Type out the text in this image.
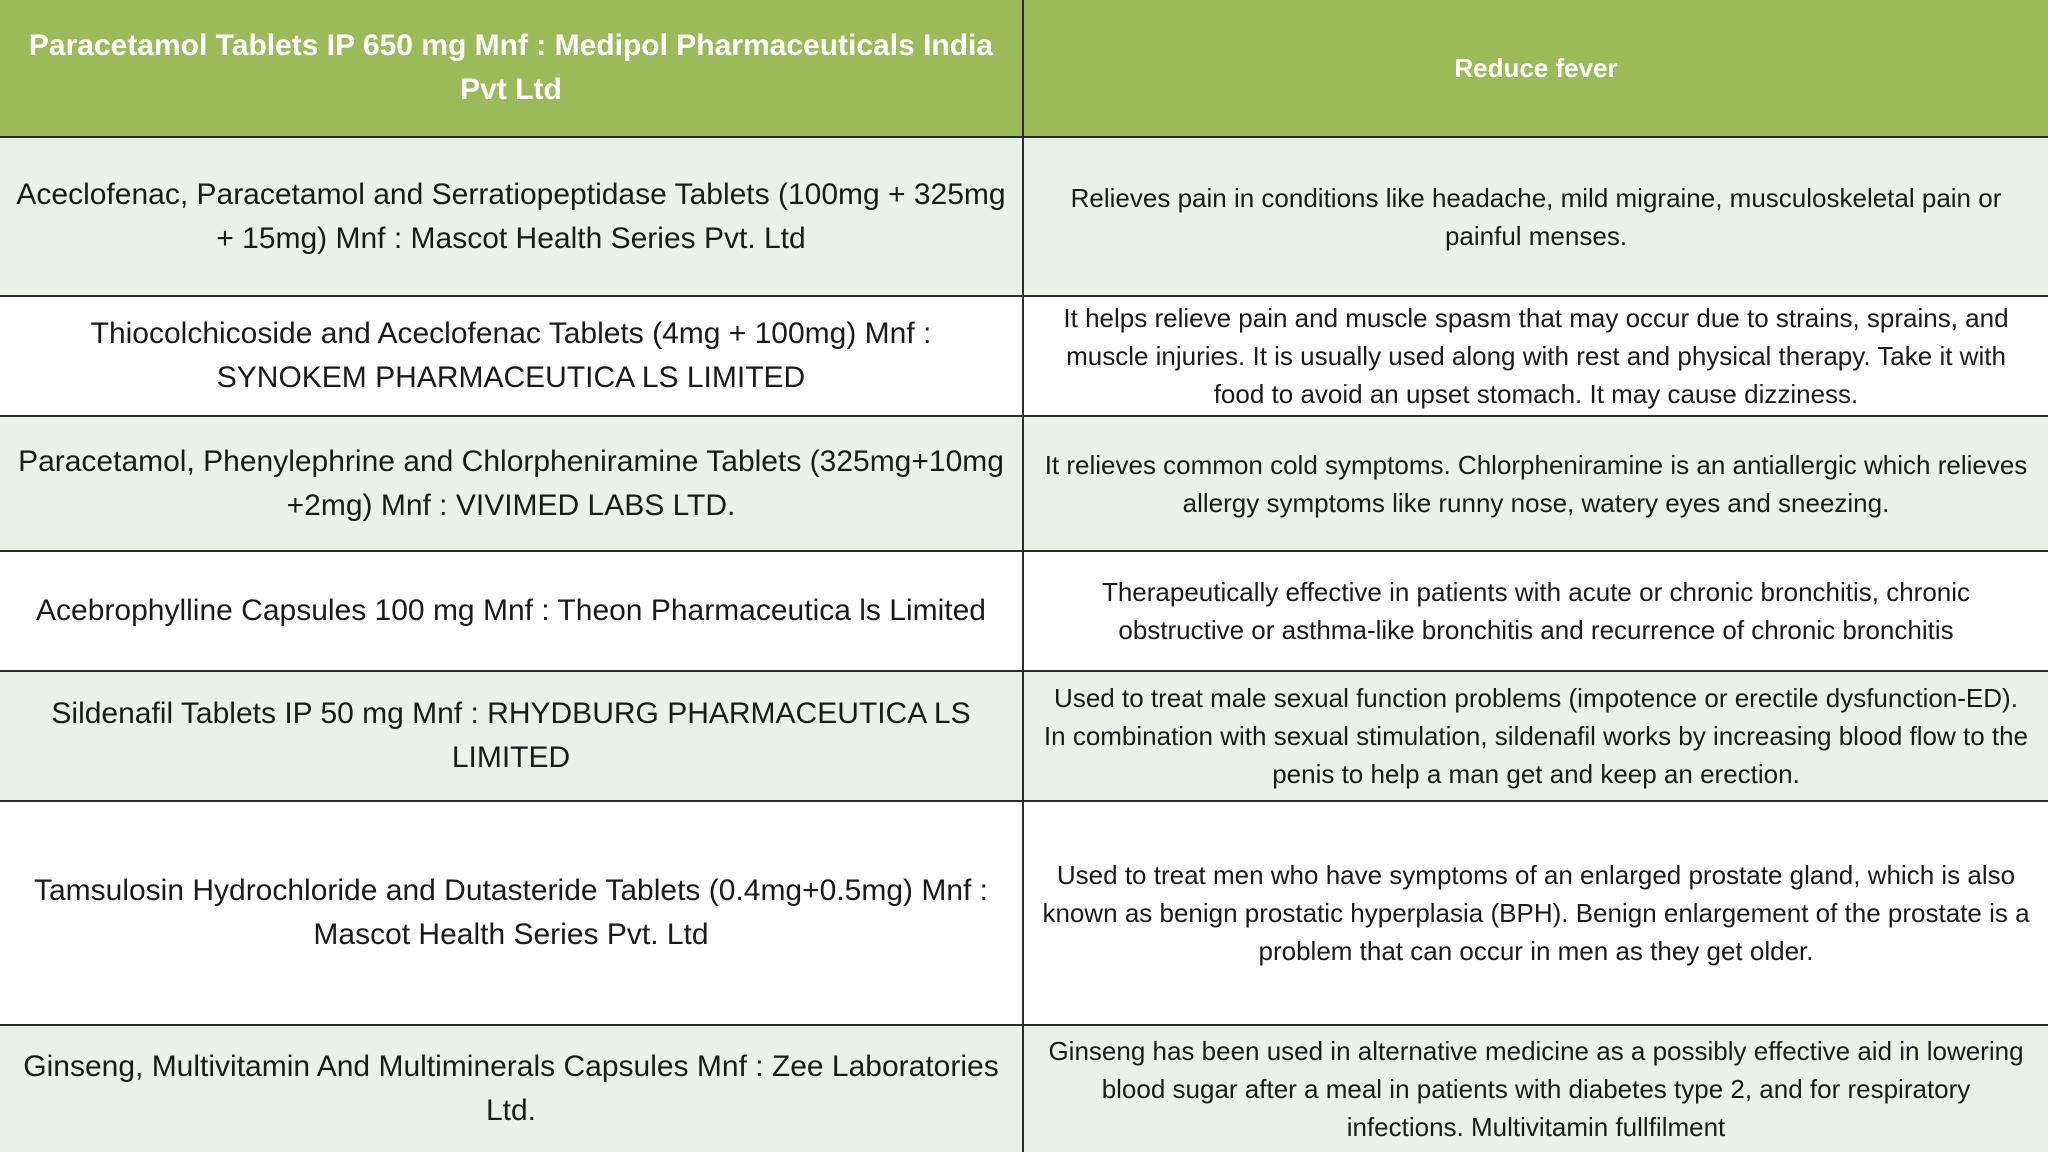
Paracetamol Tablets IP 650 mg Mnf : Medipol Pharmaceuticals India Pvt Ltd
Reduce fever
Aceclofenac, Paracetamol and Serratiopeptidase Tablets (100mg + 325mg + 15mg) Mnf : Mascot Health Series Pvt. Ltd
Relieves pain in conditions like headache, mild migraine, musculoskeletal pain or painful menses.
Thiocolchicoside and Aceclofenac Tablets (4mg + 100mg) Mnf : SYNOKEM PHARMACEUTICA LS LIMITED
It helps relieve pain and muscle spasm that may occur due to strains, sprains, and muscle injuries. It is usually used along with rest and physical therapy. Take it with food to avoid an upset stomach. It may cause dizziness.
Paracetamol, Phenylephrine and Chlorpheniramine Tablets (325mg+10mg +2mg) Mnf : VIVIMED LABS LTD.
It relieves common cold symptoms. Chlorpheniramine is an antiallergic which relieves allergy symptoms like runny nose, watery eyes and sneezing.
Acebrophylline Capsules 100 mg Mnf : Theon Pharmaceutica ls Limited
Therapeutically effective in patients with acute or chronic bronchitis, chronic obstructive or asthma-like bronchitis and recurrence of chronic bronchitis
Sildenafil Tablets IP 50 mg Mnf : RHYDBURG PHARMACEUTICA LS LIMITED
Used to treat male sexual function problems (impotence or erectile dysfunction-ED). In combination with sexual stimulation, sildenafil works by increasing blood flow to the penis to help a man get and keep an erection.
Tamsulosin Hydrochloride and Dutasteride Tablets (0.4mg+0.5mg) Mnf : Mascot Health Series Pvt. Ltd
Used to treat men who have symptoms of an enlarged prostate gland, which is also known as benign prostatic hyperplasia (BPH). Benign enlargement of the prostate is a problem that can occur in men as they get older.
Ginseng, Multivitamin And Multiminerals Capsules Mnf : Zee Laboratories Ltd.
Ginseng has been used in alternative medicine as a possibly effective aid in lowering blood sugar after a meal in patients with diabetes type 2, and for respiratory infections. Multivitamin fullfilment
